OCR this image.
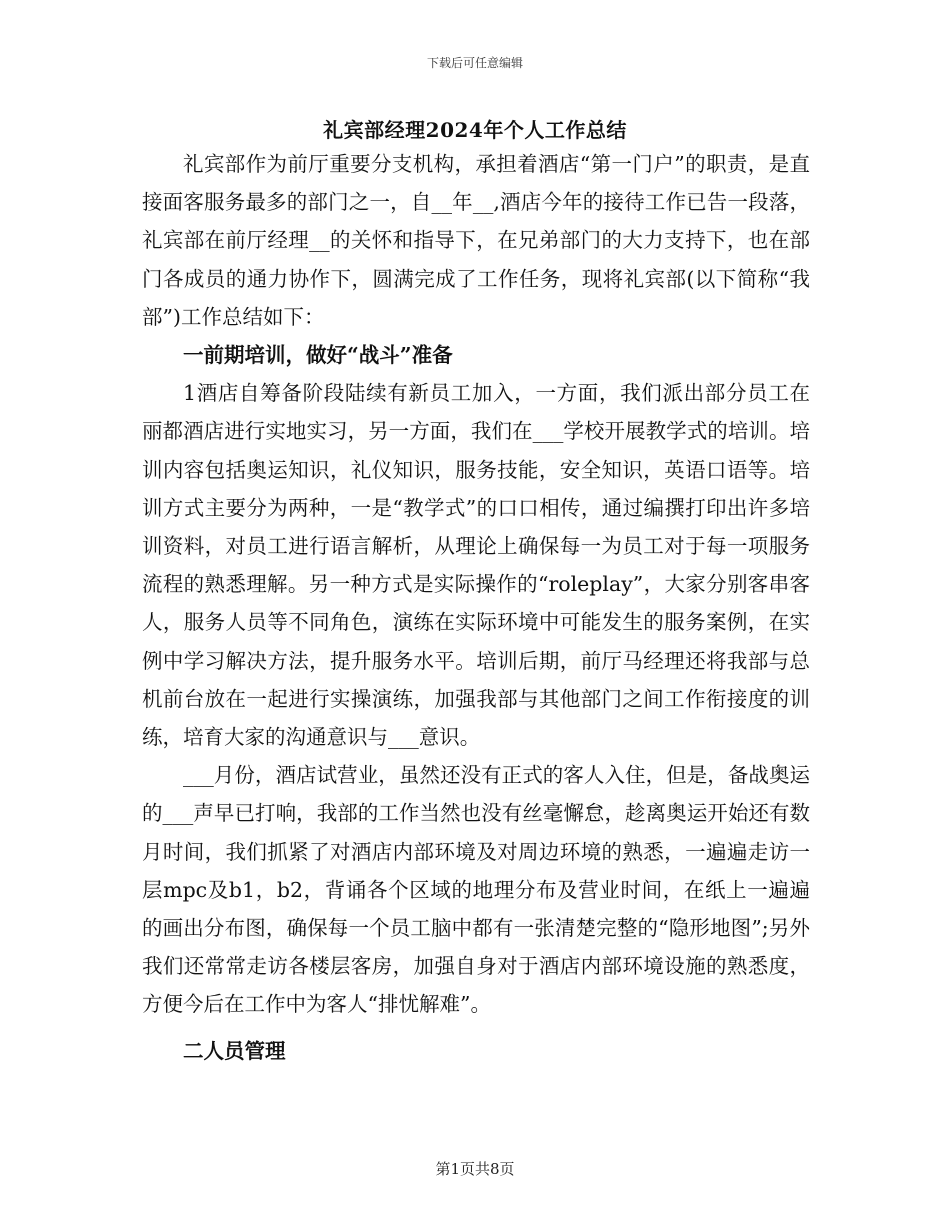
下载后可任意编辑
礼宾部经理2024年个人工作总结

礼宾部作为前厅重要分支机构，承担着酒店“第一门户”的职责，是直接面客服务最多的部门之一，自__年__,酒店今年的接待工作已告一段落，礼宾部在前厅经理__的关怀和指导下，在兄弟部门的大力支持下，也在部门各成员的通力协作下，圆满完成了工作任务，现将礼宾部(以下简称“我部”)工作总结如下：

一前期培训，做好“战斗”准备

1酒店自筹备阶段陆续有新员工加入，一方面，我们派出部分员工在丽都酒店进行实地实习，另一方面，我们在___学校开展教学式的培训。培训内容包括奥运知识，礼仪知识，服务技能，安全知识，英语口语等。培训方式主要分为两种，一是“教学式”的口口相传，通过编撰打印出许多培训资料，对员工进行语言解析，从理论上确保每一为员工对于每一项服务流程的熟悉理解。另一种方式是实际操作的“roleplay”，大家分别客串客人，服务人员等不同角色，演练在实际环境中可能发生的服务案例，在实例中学习解决方法，提升服务水平。培训后期，前厅马经理还将我部与总机前台放在一起进行实操演练，加强我部与其他部门之间工作衔接度的训练，培育大家的沟通意识与___意识。

___月份，酒店试营业，虽然还没有正式的客人入住，但是，备战奥运的___声早已打响，我部的工作当然也没有丝毫懈怠，趁离奥运开始还有数月时间，我们抓紧了对酒店内部环境及对周边环境的熟悉，一遍遍走访一层mpc及b1，b2，背诵各个区域的地理分布及营业时间，在纸上一遍遍的画出分布图，确保每一个员工脑中都有一张清楚完整的“隐形地图”;另外我们还常常走访各楼层客房，加强自身对于酒店内部环境设施的熟悉度，方便今后在工作中为客人“排忧解难”。

二人员管理

第1页共8页
